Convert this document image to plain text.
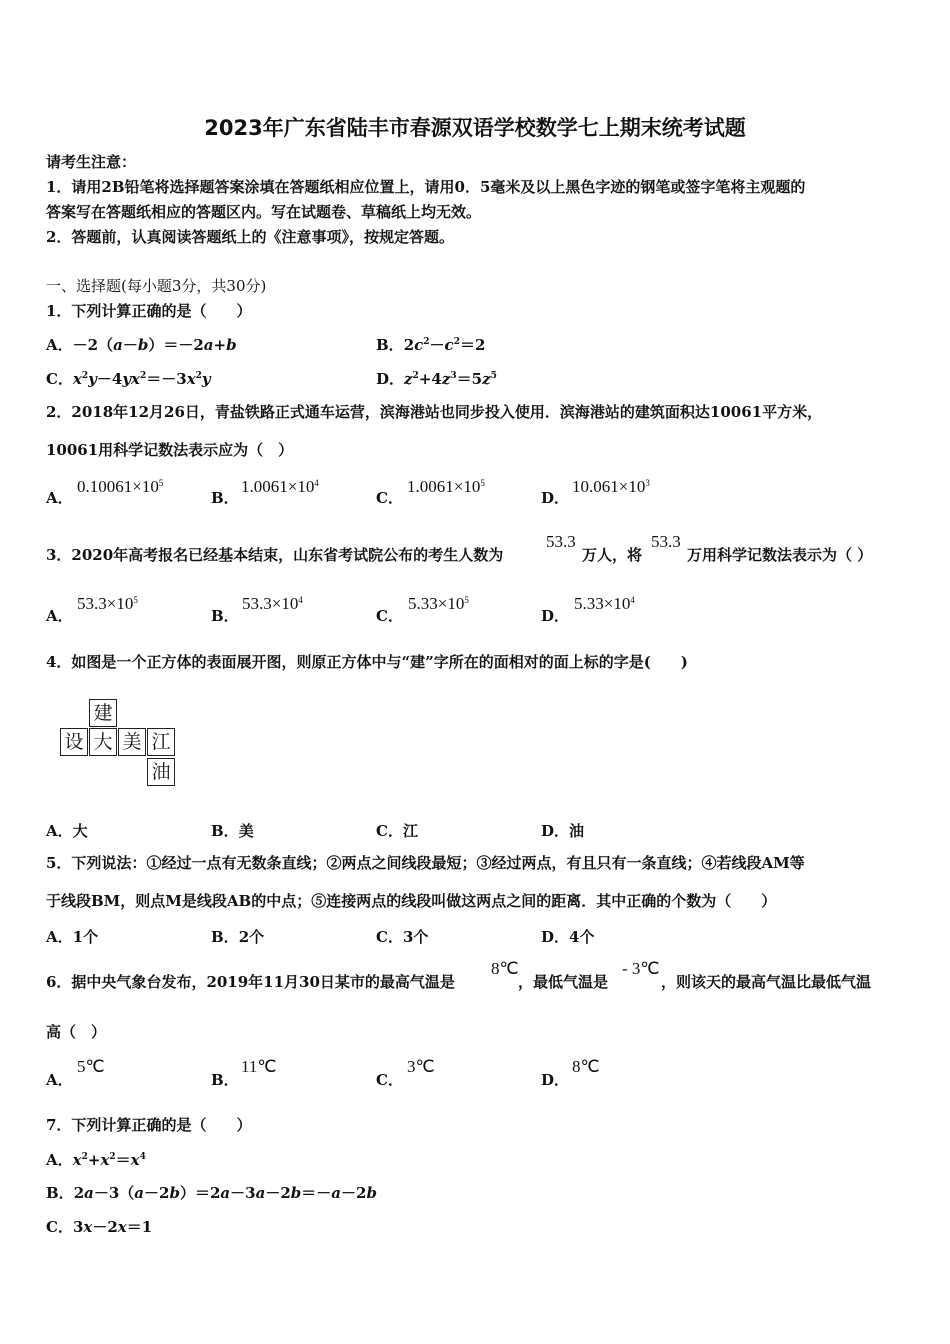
2023年广东省陆丰市春源双语学校数学七上期末统考试题
请考生注意：
1．请用2B铅笔将选择题答案涂填在答题纸相应位置上，请用0．5毫米及以上黑色字迹的钢笔或签字笔将主观题的
答案写在答题纸相应的答题区内。写在试题卷、草稿纸上均无效。
2．答题前，认真阅读答题纸上的《注意事项》，按规定答题。
一、选择题(每小题3分，共30分)
1．下列计算正确的是（　　）
A．－2（a－b）＝－2a+b	B．$2c^2-c^2=2$
C．$x^2y-4yx^2=-3x^2y$	D．$z^2+4z^3=5z^5$
2．2018年12月26日，青盐铁路正式通车运营，滨海港站也同步投入使用．滨海港站的建筑面积达10061平方米，
10061用科学记数法表示应为（　）
A．
$0.10061\times 10^5$
B．
$1.0061\times 10^4$
C．
$1.0061\times 10^5$
D．
$10.061\times 10^3$
3．2020年高考报名已经基本结束，山东省考试院公布的考生人数为
53.3
万人，将
53.3
万用科学记数法表示为（ ）
A．
$53.3\times 10^5$
B．
$53.3\times 10^4$
C．
$5.33\times 10^5$
D．
$5.33\times 10^4$
4．如图是一个正方体的表面展开图，则原正方体中与“建”字所在的面相对的面上标的字是(　　)
建
设 大 美 江
油
A．大	B．美	C．江	D．油
5．下列说法：①经过一点有无数条直线；②两点之间线段最短；③经过两点，有且只有一条直线；④若线段AM等
于线段BM，则点M是线段AB的中点；⑤连接两点的线段叫做这两点之间的距离．其中正确的个数为（　　）
A．1个	B．2个	C．3个	D．4个
6．据中央气象台发布，2019年11月30日某市的最高气温是
8℃
，最低气温是
- 3℃
，则该天的最高气温比最低气温
高（　）
A．
5℃
B．
11℃
C．
3℃
D．
8℃
7．下列计算正确的是（　　）
A．$x^2+x^2=x^4$
B．2a－3（a－2b）＝2a－3a－2b＝－a－2b
C．3x－2x＝1
